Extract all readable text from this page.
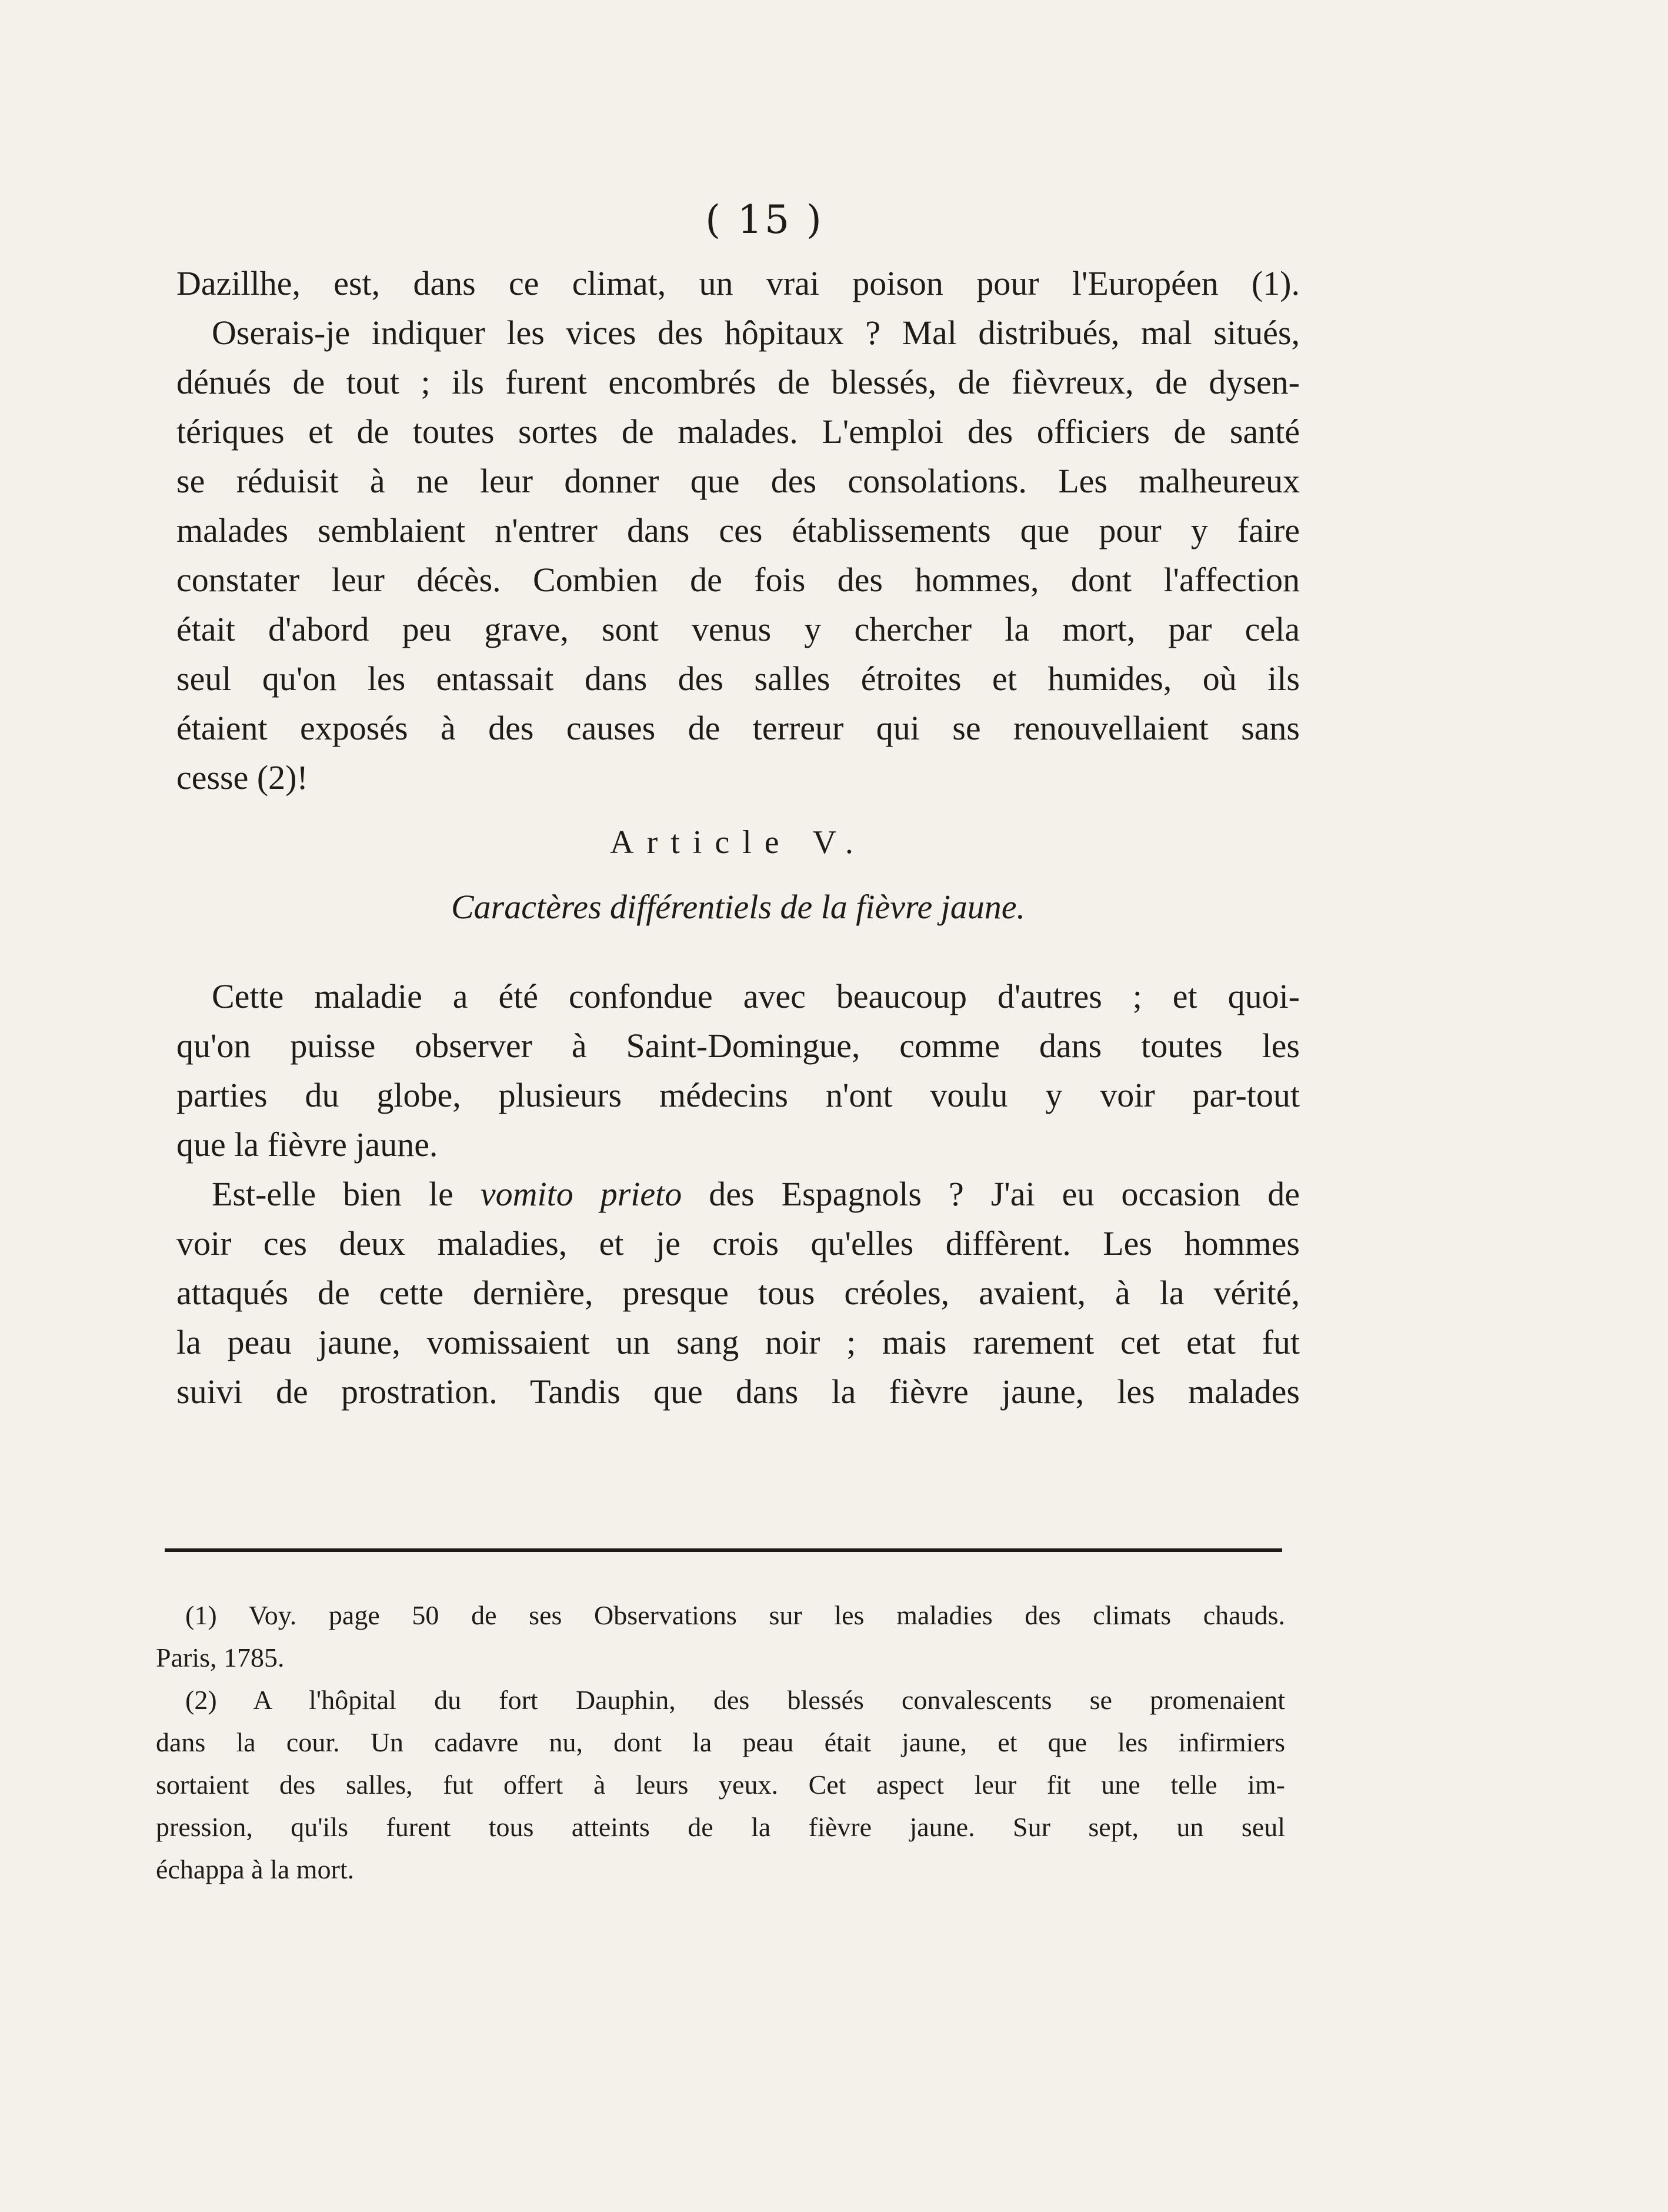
( 15 )
Dazillhe, est, dans ce climat, un vrai poison pour l'Européen (1).
Oserais-je indiquer les vices des hôpitaux ? Mal distribués, mal situés,
dénués de tout ; ils furent encombrés de blessés, de fièvreux, de dysen-
tériques et de toutes sortes de malades. L'emploi des officiers de santé
se réduisit à ne leur donner que des consolations. Les malheureux
malades semblaient n'entrer dans ces établissements que pour y faire
constater leur décès. Combien de fois des hommes, dont l'affection
était d'abord peu grave, sont venus y chercher la mort, par cela
seul qu'on les entassait dans des salles étroites et humides, où ils
étaient exposés à des causes de terreur qui se renouvellaient sans
cesse (2)!
Article V.
Caractères différentiels de la fièvre jaune.
Cette maladie a été confondue avec beaucoup d'autres ; et quoi-
qu'on puisse observer à Saint-Domingue, comme dans toutes les
parties du globe, plusieurs médecins n'ont voulu y voir par-tout
que la fièvre jaune.
Est-elle bien le vomito prieto des Espagnols ? J'ai eu occasion de
voir ces deux maladies, et je crois qu'elles diffèrent. Les hommes
attaqués de cette dernière, presque tous créoles, avaient, à la vérité,
la peau jaune, vomissaient un sang noir ; mais rarement cet etat fut
suivi de prostration. Tandis que dans la fièvre jaune, les malades
(1) Voy. page 50 de ses Observations sur les maladies des climats chauds.
Paris, 1785.
(2) A l'hôpital du fort Dauphin, des blessés convalescents se promenaient
dans la cour. Un cadavre nu, dont la peau était jaune, et que les infirmiers
sortaient des salles, fut offert à leurs yeux. Cet aspect leur fit une telle im-
pression, qu'ils furent tous atteints de la fièvre jaune. Sur sept, un seul
échappa à la mort.
